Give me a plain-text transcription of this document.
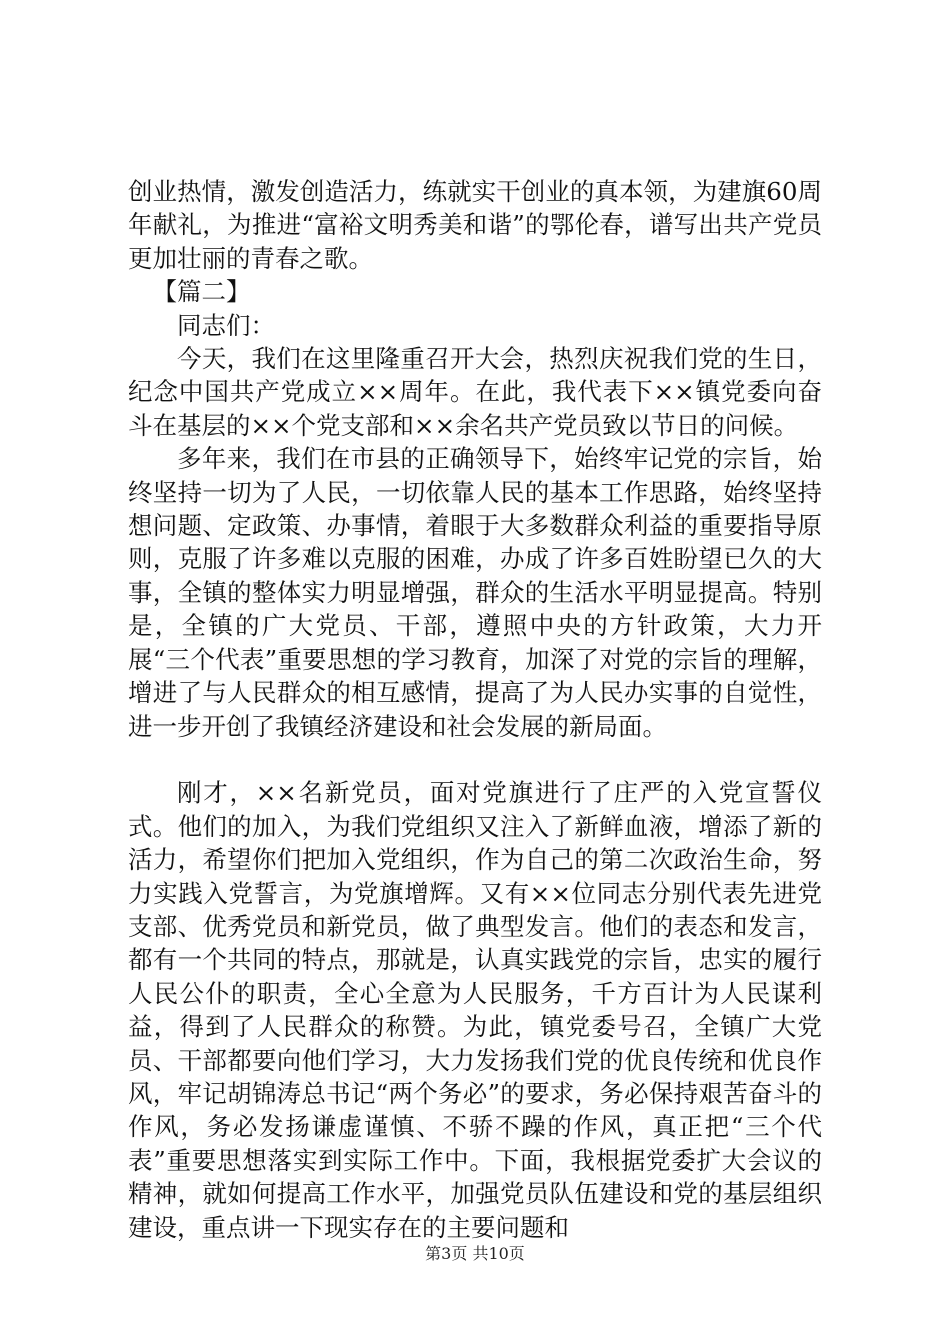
创业热情，激发创造活力，练就实干创业的真本领，为建旗60周年献礼，为推进“富裕文明秀美和谐”的鄂伦春，谱写出共产党员更加壮丽的青春之歌。

【篇二】

同志们：

今天，我们在这里隆重召开大会，热烈庆祝我们党的生日，纪念中国共产党成立××周年。在此，我代表下××镇党委向奋斗在基层的××个党支部和××余名共产党员致以节日的问候。

多年来，我们在市县的正确领导下，始终牢记党的宗旨，始终坚持一切为了人民，一切依靠人民的基本工作思路，始终坚持想问题、定政策、办事情，着眼于大多数群众利益的重要指导原则，克服了许多难以克服的困难，办成了许多百姓盼望已久的大事，全镇的整体实力明显增强，群众的生活水平明显提高。特别是，全镇的广大党员、干部，遵照中央的方针政策，大力开展“三个代表”重要思想的学习教育，加深了对党的宗旨的理解，增进了与人民群众的相互感情，提高了为人民办实事的自觉性，进一步开创了我镇经济建设和社会发展的新局面。

刚才，××名新党员，面对党旗进行了庄严的入党宣誓仪式。他们的加入，为我们党组织又注入了新鲜血液，增添了新的活力，希望你们把加入党组织，作为自己的第二次政治生命，努力实践入党誓言，为党旗增辉。又有××位同志分别代表先进党支部、优秀党员和新党员，做了典型发言。他们的表态和发言，都有一个共同的特点，那就是，认真实践党的宗旨，忠实的履行人民公仆的职责，全心全意为人民服务，千方百计为人民谋利益，得到了人民群众的称赞。为此，镇党委号召，全镇广大党员、干部都要向他们学习，大力发扬我们党的优良传统和优良作风，牢记胡锦涛总书记“两个务必”的要求，务必保持艰苦奋斗的作风，务必发扬谦虚谨慎、不骄不躁的作风，真正把“三个代表”重要思想落实到实际工作中。下面，我根据党委扩大会议的精神，就如何提高工作水平，加强党员队伍建设和党的基层组织建设，重点讲一下现实存在的主要问题和

第3页 共10页
